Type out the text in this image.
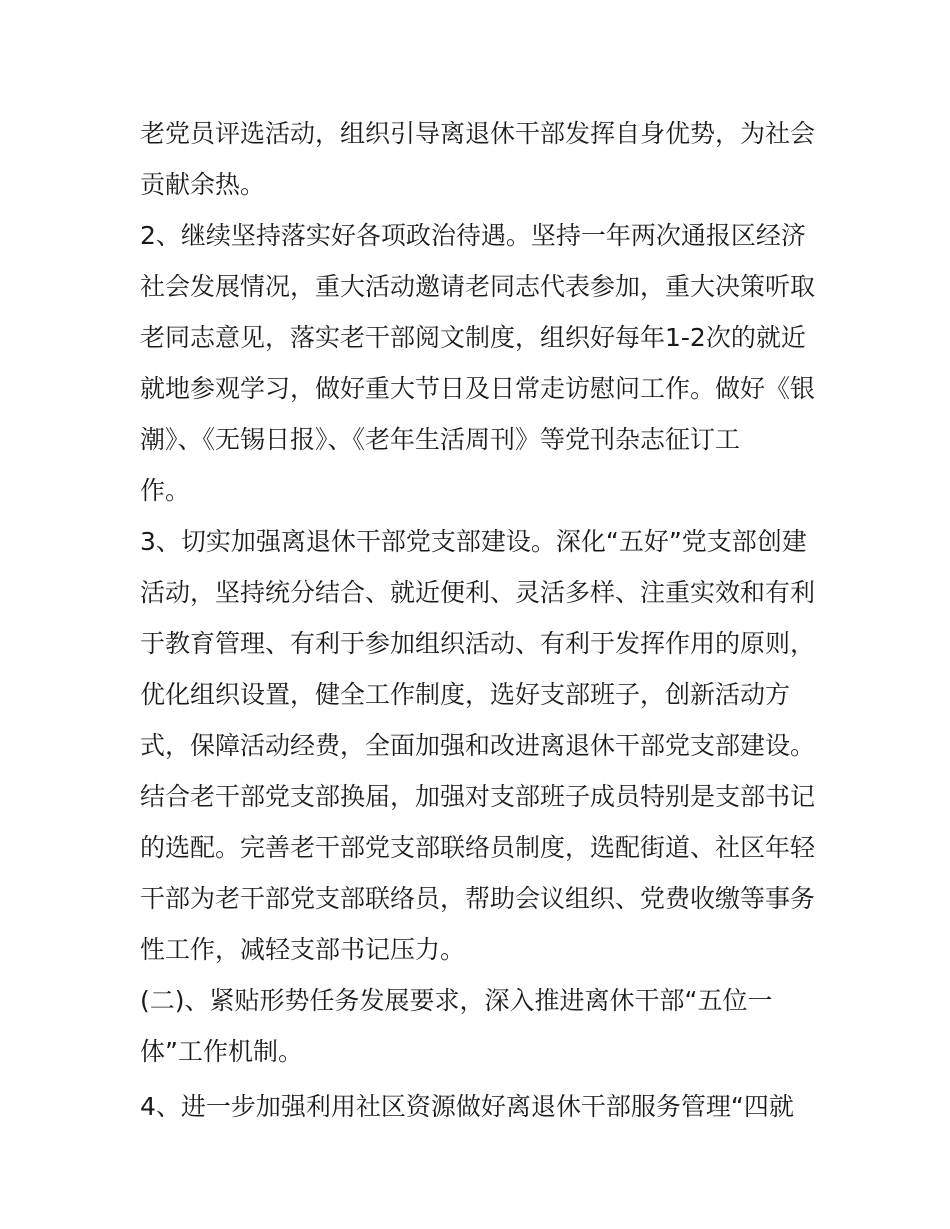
老党员评选活动，组织引导离退休干部发挥自身优势，为社会
贡献余热。
2、继续坚持落实好各项政治待遇。坚持一年两次通报区经济
社会发展情况，重大活动邀请老同志代表参加，重大决策听取
老同志意见，落实老干部阅文制度，组织好每年1-2次的就近
就地参观学习，做好重大节日及日常走访慰问工作。做好《银
潮》、《无锡日报》、《老年生活周刊》等党刊杂志征订工
作。
3、切实加强离退休干部党支部建设。深化“五好”党支部创建
活动，坚持统分结合、就近便利、灵活多样、注重实效和有利
于教育管理、有利于参加组织活动、有利于发挥作用的原则，
优化组织设置，健全工作制度，选好支部班子，创新活动方
式，保障活动经费，全面加强和改进离退休干部党支部建设。
结合老干部党支部换届，加强对支部班子成员特别是支部书记
的选配。完善老干部党支部联络员制度，选配街道、社区年轻
干部为老干部党支部联络员，帮助会议组织、党费收缴等事务
性工作，减轻支部书记压力。
(二)、紧贴形势任务发展要求，深入推进离休干部“五位一
体”工作机制。
4、进一步加强利用社区资源做好离退休干部服务管理“四就
